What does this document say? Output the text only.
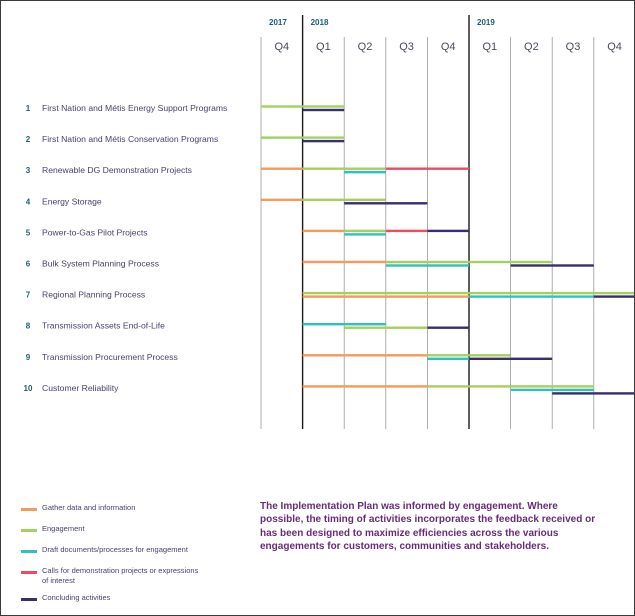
2017	2018	2019
Q4 Q1 Q2 Q3 Q4 Q1 Q2 Q3 Q4
1 First Nation and Métis Energy Support Programs
2 First Nation and Métis Conservation Programs
3 Renewable DG Demonstration Projects
4 Energy Storage
5 Power-to-Gas Pilot Projects
6 Bulk System Planning Process
7 Regional Planning Process
8 Transmission Assets End-of-Life
9 Transmission Procurement Process
10 Customer Reliability
Gather data and information
Engagement
Draft documents/processes for engagement
Calls for demonstration projects or expressions of interest
Concluding activities
The Implementation Plan was informed by engagement. Where possible, the timing of activities incorporates the feedback received or has been designed to maximize efficiencies across the various engagements for customers, communities and stakeholders.
